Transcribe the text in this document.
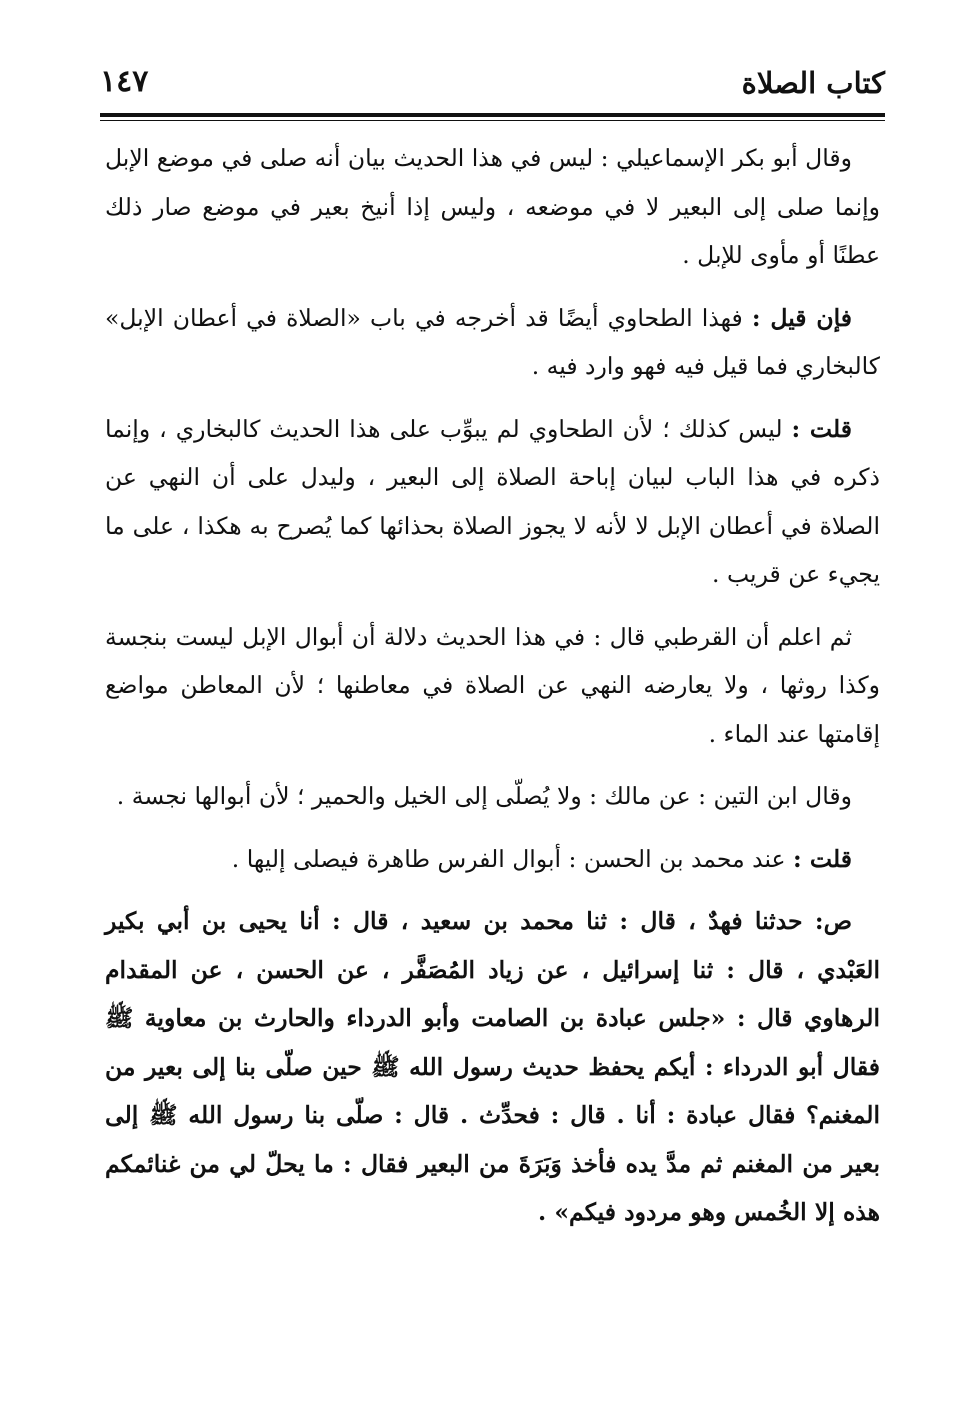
كتاب الصلاة
١٤٧

وقال أبو بكر الإسماعيلي : ليس في هذا الحديث بيان أنه صلى في موضع الإبل وإنما صلى إلى البعير لا في موضعه ، وليس إذا أنيخ بعير في موضع صار ذلك عطنًا أو مأوى للإبل .

فإن قيل : فهذا الطحاوي أيضًا قد أخرجه في باب «الصلاة في أعطان الإبل» كالبخاري فما قيل فيه فهو وارد فيه .

قلت : ليس كذلك ؛ لأن الطحاوي لم يبوِّب على هذا الحديث كالبخاري ، وإنما ذكره في هذا الباب لبيان إباحة الصلاة إلى البعير ، وليدل على أن النهي عن الصلاة في أعطان الإبل لا لأنه لا يجوز الصلاة بحذائها كما يُصرح به هكذا ، على ما يجيء عن قريب .

ثم اعلم أن القرطبي قال : في هذا الحديث دلالة أن أبوال الإبل ليست بنجسة وكذا روثها ، ولا يعارضه النهي عن الصلاة في معاطنها ؛ لأن المعاطن مواضع إقامتها عند الماء .

وقال ابن التين : عن مالك : ولا يُصلّى إلى الخيل والحمير ؛ لأن أبوالها نجسة .

قلت : عند محمد بن الحسن : أبوال الفرس طاهرة فيصلى إليها .

ص: حدثنا فهدٌ ، قال : ثنا محمد بن سعيد ، قال : أنا يحيى بن أبي بكير العَبْدي ، قال : ثنا إسرائيل ، عن زياد المُصَفَّر ، عن الحسن ، عن المقدام الرهاوي قال : «جلس عبادة بن الصامت وأبو الدرداء والحارث بن معاوية ﷺ فقال أبو الدرداء : أيكم يحفظ حديث رسول الله ﷺ حين صلّى بنا إلى بعير من المغنم؟ فقال عبادة : أنا . قال : فحدِّث . قال : صلّى بنا رسول الله ﷺ إلى بعير من المغنم ثم مدَّ يده فأخذ وَبَرَةَ من البعير فقال : ما يحلّ لي من غنائمكم هذه إلا الخُمس وهو مردود فيكم» .
